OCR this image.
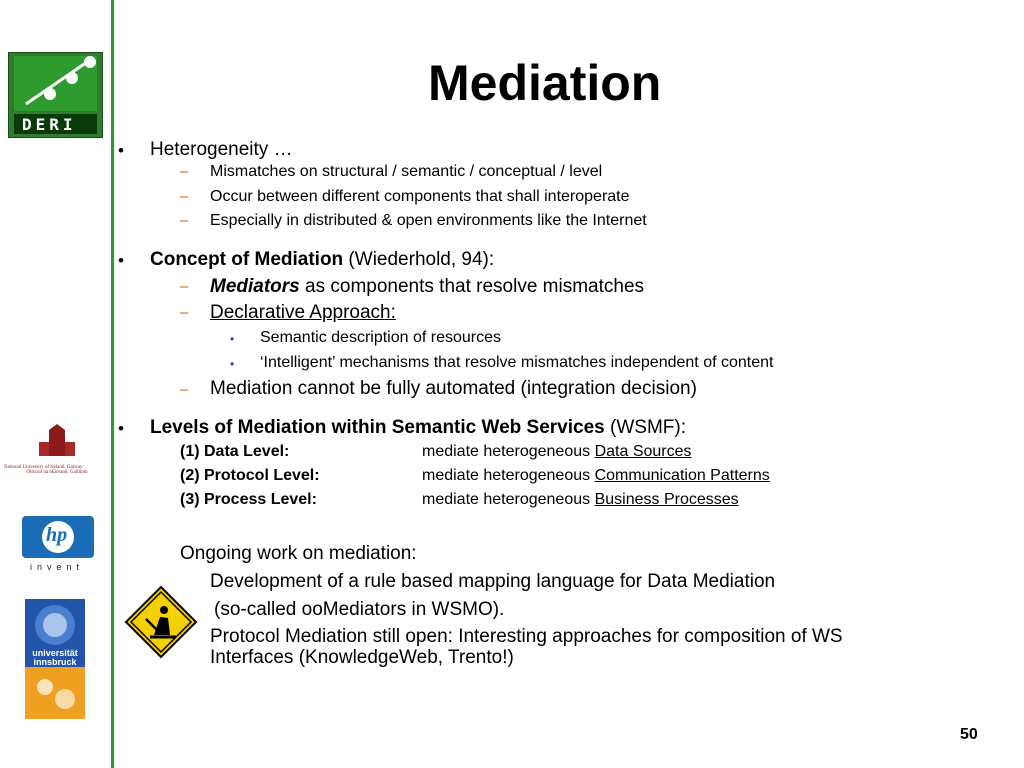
DERI
National University of Ireland, Galway
Ollscoil na hÉireann, Gaillimh
hp
invent
universität innsbruck
Mediation
• Heterogeneity …
– Mismatches on structural / semantic / conceptual / level
– Occur between different components that shall interoperate
– Especially in distributed & open environments like the Internet
• Concept of Mediation (Wiederhold, 94):
– Mediators as components that resolve mismatches
– Declarative Approach:
• Semantic description of resources
• ‘Intelligent’ mechanisms that resolve mismatches independent of content
– Mediation cannot be fully automated (integration decision)
• Levels of Mediation within Semantic Web Services (WSMF):
(1) Data Level:	mediate heterogeneous Data Sources
(2) Protocol Level:	mediate heterogeneous Communication Patterns
(3) Process Level:	mediate heterogeneous Business Processes
Ongoing work on mediation:
Development of a rule based mapping language for Data Mediation
(so-called ooMediators in WSMO).
Protocol Mediation still open: Interesting approaches for composition of WS
Interfaces (KnowledgeWeb, Trento!)
50
